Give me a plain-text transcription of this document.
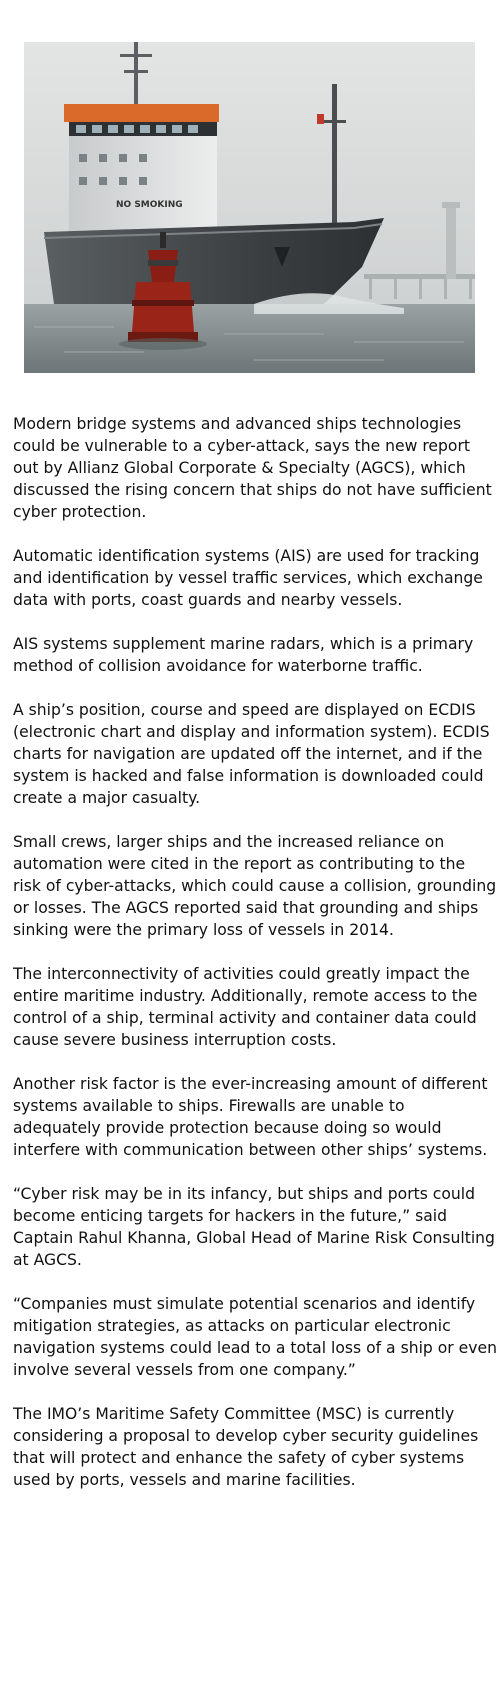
NO SMOKING

Modern bridge systems and advanced ships technologies could be vulnerable to a cyber-attack, says the new report out by Allianz Global Corporate & Specialty (AGCS), which discussed the rising concern that ships do not have sufficient cyber protection.

Automatic identification systems (AIS) are used for tracking and identification by vessel traffic services, which exchange data with ports, coast guards and nearby vessels.

AIS systems supplement marine radars, which is a primary method of collision avoidance for waterborne traffic.

A ship’s position, course and speed are displayed on ECDIS (electronic chart and display and information system). ECDIS charts for navigation are updated off the internet, and if the system is hacked and false information is downloaded could create a major casualty.

Small crews, larger ships and the increased reliance on automation were cited in the report as contributing to the risk of cyber-attacks, which could cause a collision, grounding or losses. The AGCS reported said that grounding and ships sinking were the primary loss of vessels in 2014.

The interconnectivity of activities could greatly impact the entire maritime industry. Additionally, remote access to the control of a ship, terminal activity and container data could cause severe business interruption costs.

Another risk factor is the ever-increasing amount of different systems available to ships. Firewalls are unable to adequately provide protection because doing so would interfere with communication between other ships’ systems.

“Cyber risk may be in its infancy, but ships and ports could become enticing targets for hackers in the future,” said Captain Rahul Khanna, Global Head of Marine Risk Consulting at AGCS.

“Companies must simulate potential scenarios and identify mitigation strategies, as attacks on particular electronic navigation systems could lead to a total loss of a ship or even involve several vessels from one company.”

The IMO’s Maritime Safety Committee (MSC) is currently considering a proposal to develop cyber security guidelines that will protect and enhance the safety of cyber systems used by ports, vessels and marine facilities.
